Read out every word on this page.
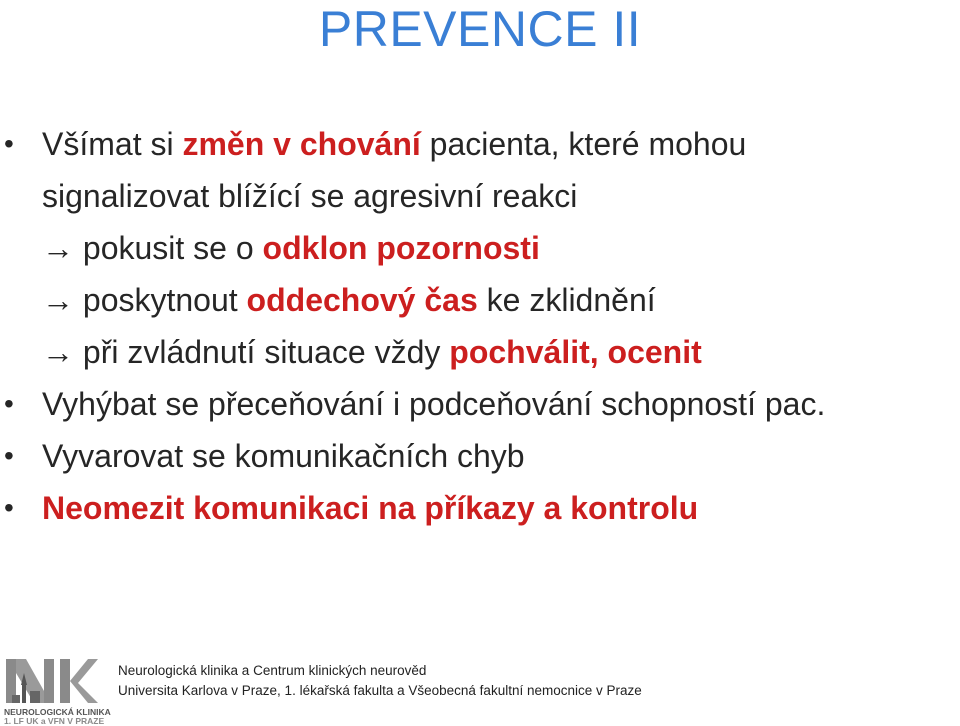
PREVENCE II
• Všímat si změn v chování pacienta, které mohou
signalizovat blížící se agresivní reakci
→ pokusit se o odklon pozornosti
→ poskytnout oddechový čas ke zklidnění
→ při zvládnutí situace vždy pochválit, ocenit
• Vyhýbat se přeceňování i podceňování schopností pac.
• Vyvarovat se komunikačních chyb
• Neomezit komunikaci na příkazy a kontrolu
NEUROLOGICKÁ KLINIKA
1. LF UK a VFN V PRAZE
Neurologická klinika a Centrum klinických neurověd
Universita Karlova v Praze, 1. lékařská fakulta a Všeobecná fakultní nemocnice v Praze
